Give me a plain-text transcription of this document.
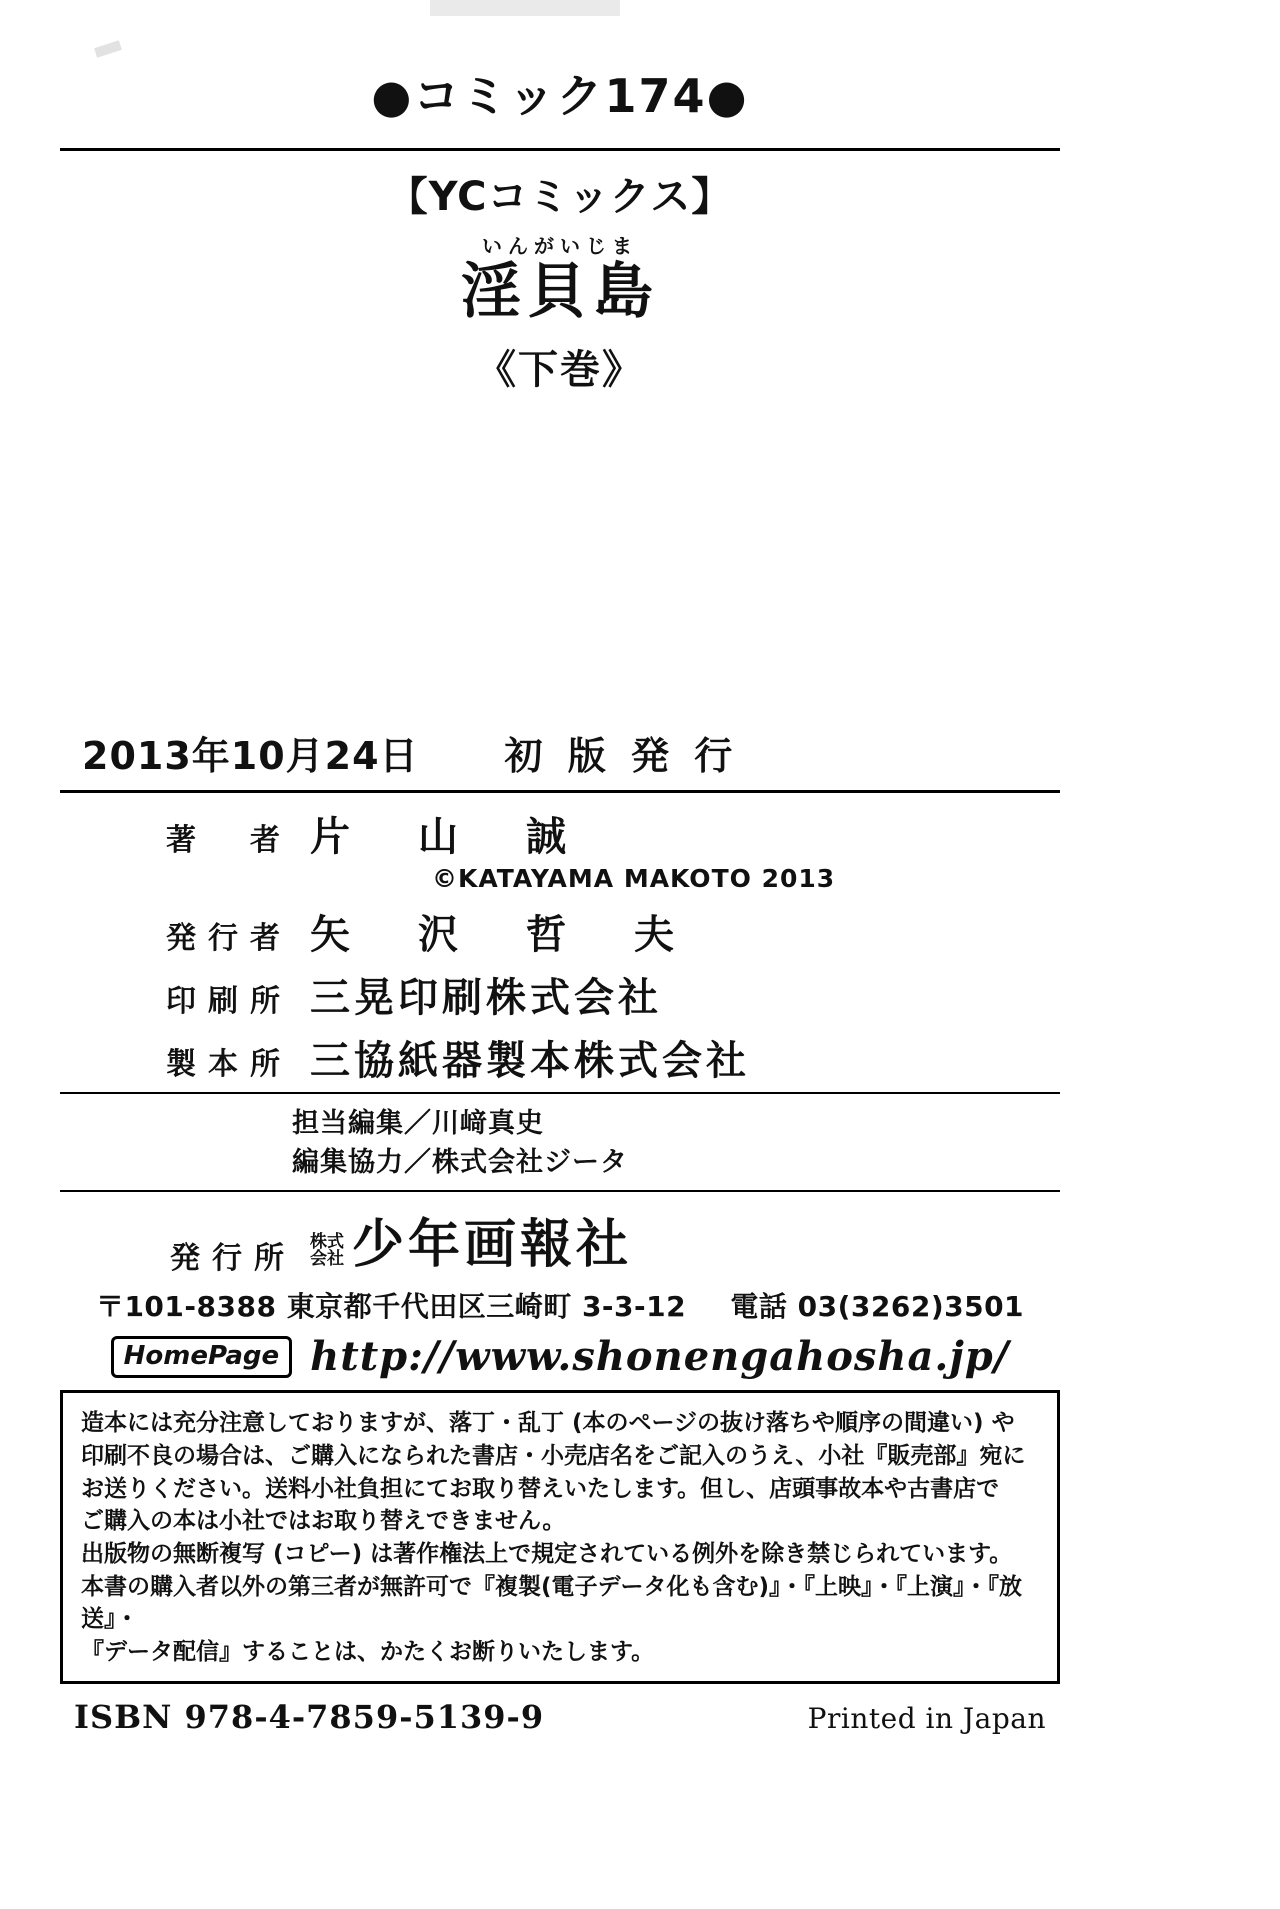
●コミック174●
【YCコミックス】
いんがいじま
淫貝島
《下巻》
2013年10月24日 初 版 発 行
著　者 片　山　誠
©KATAYAMA MAKOTO 2013
発行者 矢　沢　哲　夫
印刷所 三晃印刷株式会社
製本所 三協紙器製本株式会社
担当編集／川﨑真史
編集協力／株式会社ジータ
発行所 株式
会社 少年画報社
〒101-8388 東京都千代田区三崎町 3-3-12 電話 03(3262)3501
HomePage http://www.shonengahosha.jp/

造本には充分注意しておりますが、落丁・乱丁 (本のページの抜け落ちや順序の間違い) や

印刷不良の場合は、ご購入になられた書店・小売店名をご記入のうえ、小社『販売部』宛に

お送りください。送料小社負担にてお取り替えいたします。但し、店頭事故本や古書店で

ご購入の本は小社ではお取り替えできません。

出版物の無断複写 (コピー) は著作権法上で規定されている例外を除き禁じられています。

本書の購入者以外の第三者が無許可で『複製(電子データ化も含む)』・『上映』・『上演』・『放送』・

『データ配信』することは、かたくお断りいたします。

ISBN 978-4-7859-5139-9	Printed in Japan
